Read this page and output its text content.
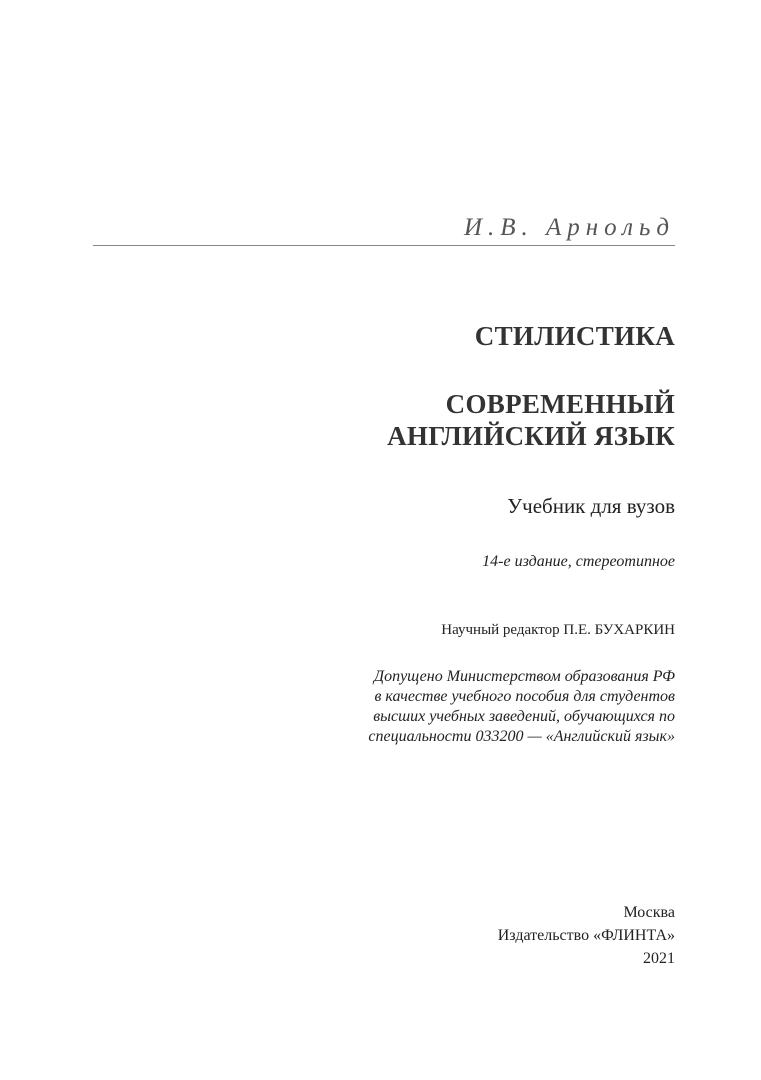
И.В. Арнольд
СТИЛИСТИКА
СОВРЕМЕННЫЙ
АНГЛИЙСКИЙ ЯЗЫК
Учебник для вузов
14-е издание, стереотипное
Научный редактор П.Е. БУХАРКИН
Допущено Министерством образования РФ
в качестве учебного пособия для студентов
высших учебных заведений, обучающихся по
специальности 033200 — «Английский язык»
Москва
Издательство «ФЛИНТА»
2021
